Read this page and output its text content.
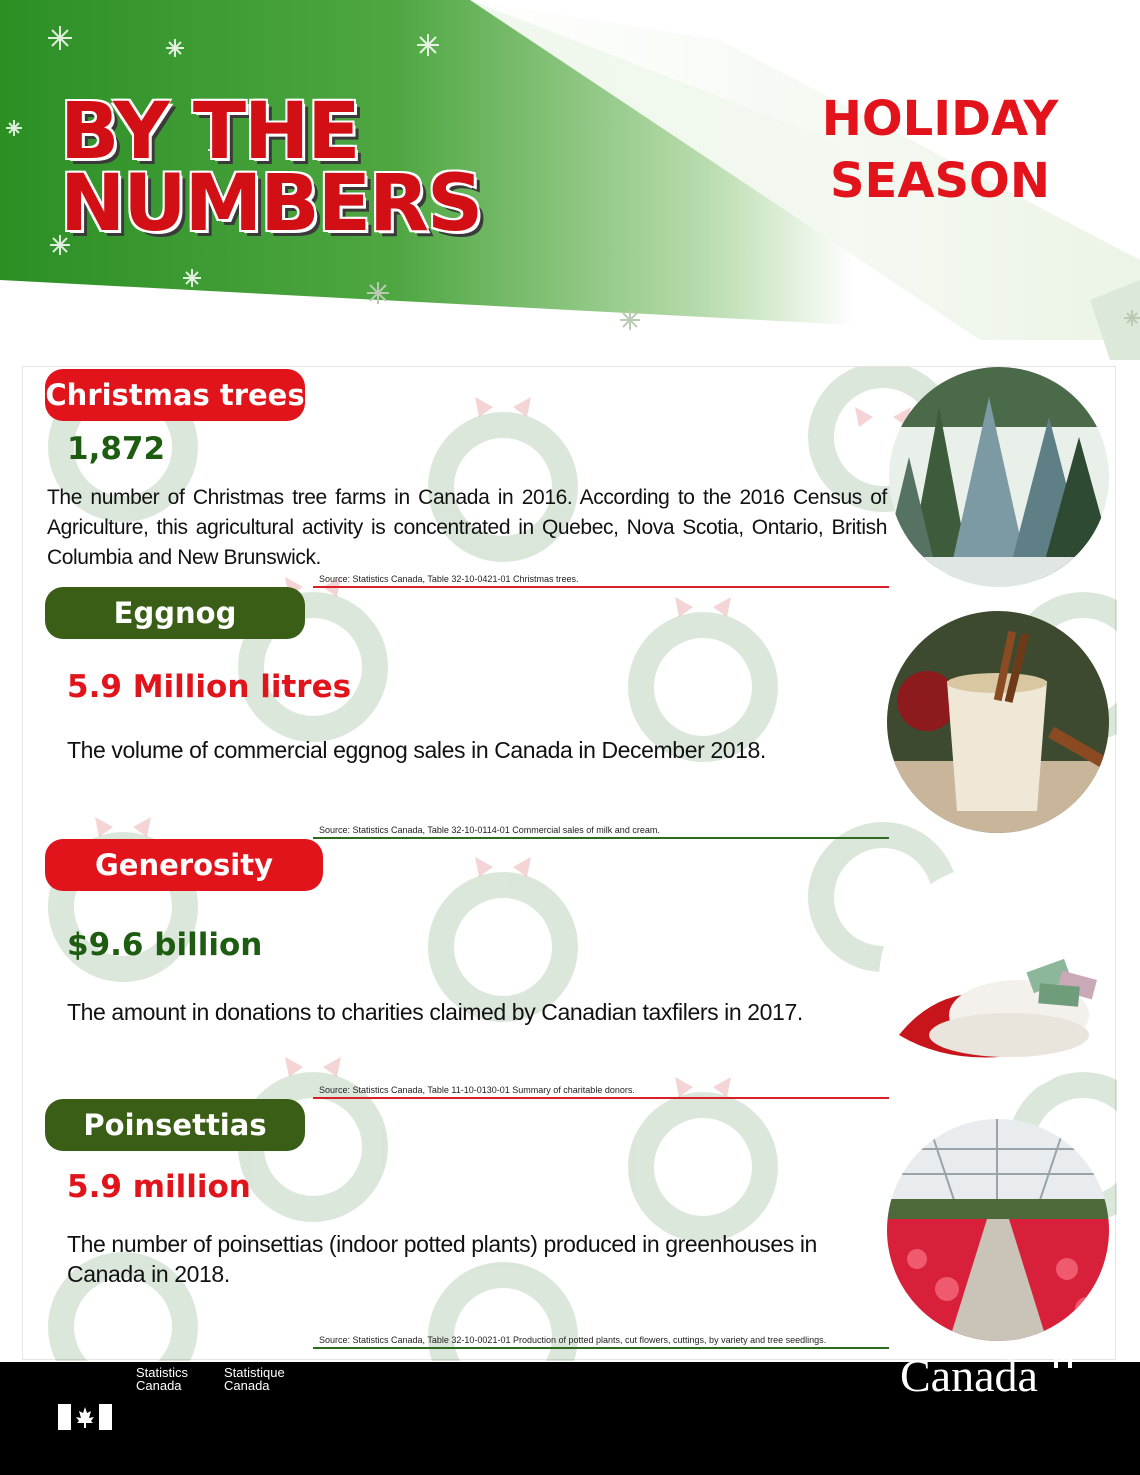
BY THE
NUMBERS
HOLIDAY
SEASON
Christmas trees
1,872
The number of Christmas tree farms in Canada in 2016. According to the 2016 Census of Agriculture, this agricultural activity is concentrated in Quebec, Nova Scotia, Ontario, British Columbia and New Brunswick.
Source: Statistics Canada, Table 32-10-0421-01 Christmas trees.
Eggnog
5.9 Million litres
The volume of commercial eggnog sales in Canada in December 2018.
Source: Statistics Canada, Table 32-10-0114-01 Commercial sales of milk and cream.
Generosity
$9.6 billion
The amount in donations to charities claimed by Canadian taxfilers in 2017.
Source: Statistics Canada, Table 11-10-0130-01 Summary of charitable donors.
Poinsettias
5.9 million
The number of poinsettias (indoor potted plants) produced in greenhouses in Canada in 2018.
Source: Statistics Canada, Table 32-10-0021-01 Production of potted plants, cut flowers, cuttings, by variety and tree seedlings.
Statistics
Canada
Statistique
Canada	Canada
